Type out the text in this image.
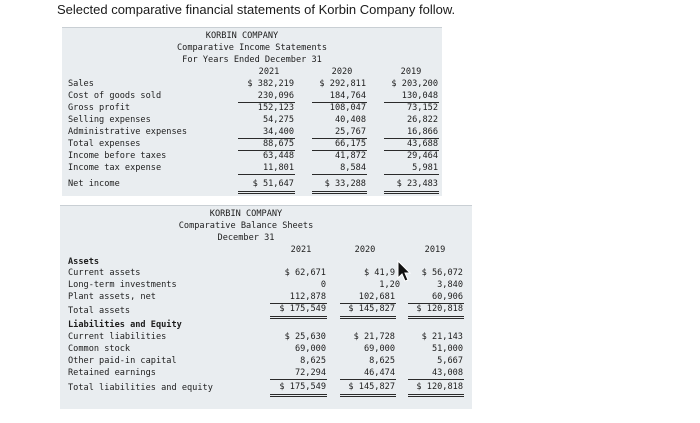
Selected comparative financial statements of Korbin Company follow.
KORBIN COMPANY
Comparative Income Statements
For Years Ended December 31
2021	2020	2019
Sales	$ 382,219	$ 292,811	$ 203,200
Cost of goods sold	230,096	184,764	130,048
Gross profit	152,123	108,047	73,152
Selling expenses	54,275	40,408	26,822
Administrative expenses	34,400	25,767	16,866
Total expenses	88,675	66,175	43,688
Income before taxes	63,448	41,872	29,464
Income tax expense	11,801	8,584	5,981
Net income	$ 51,647	$ 33,288	$ 23,483
KORBIN COMPANY
Comparative Balance Sheets
December 31
2021	2020	2019
Assets
Current assets	$ 62,671	$ 41,9	$ 56,072
Long-term investments	0	1,20	3,840
Plant assets, net	112,878	102,681	60,906
Total assets	$ 175,549	$ 145,827 $ 120,818
Liabilities and Equity
Current liabilities	$ 25,630	$ 21,728	$ 21,143
Common stock	69,000	69,000	51,000
Other paid-in capital	8,625	8,625	5,667
Retained earnings	72,294	46,474	43,008
Total liabilities and equity	$ 175,549	$ 145,827 $ 120,818
